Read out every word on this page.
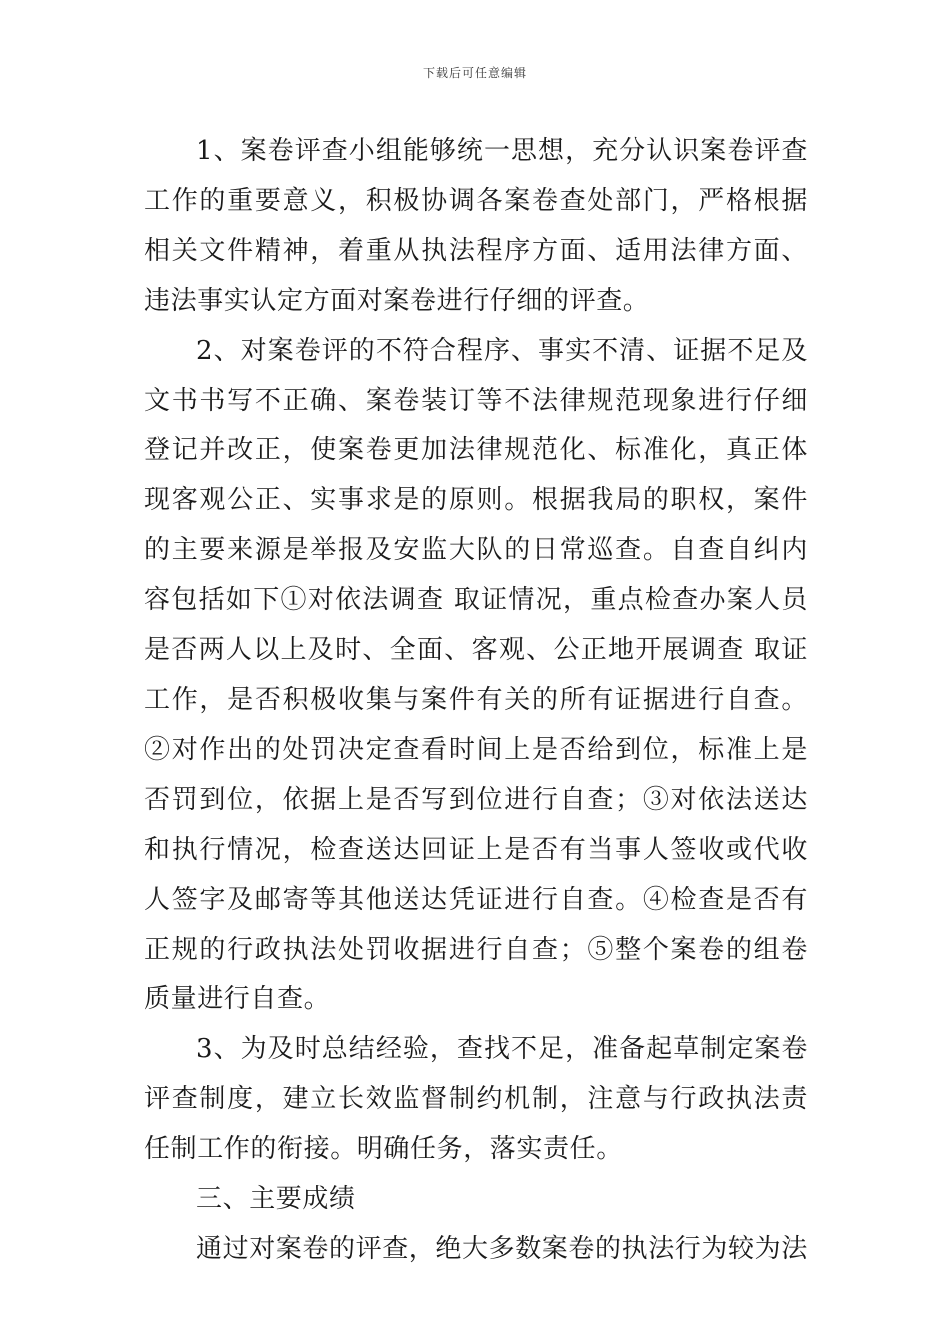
下载后可任意编辑

1、案卷评查小组能够统一思想，充分认识案卷评查工作的重要意义，积极协调各案卷查处部门，严格根据相关文件精神，着重从执法程序方面、适用法律方面、违法事实认定方面对案卷进行仔细的评查。

2、对案卷评的不符合程序、事实不清、证据不足及文书书写不正确、案卷装订等不法律规范现象进行仔细登记并改正，使案卷更加法律规范化、标准化，真正体现客观公正、实事求是的原则。根据我局的职权，案件的主要来源是举报及安监大队的日常巡查。自查自纠内容包括如下①对依法调查 取证情况，重点检查办案人员是否两人以上及时、全面、客观、公正地开展调查 取证工作，是否积极收集与案件有关的所有证据进行自查。②对作出的处罚决定查看时间上是否给到位，标准上是否罚到位，依据上是否写到位进行自查；③对依法送达和执行情况，检查送达回证上是否有当事人签收或代收人签字及邮寄等其他送达凭证进行自查。④检查是否有正规的行政执法处罚收据进行自查；⑤整个案卷的组卷质量进行自查。

3、为及时总结经验，查找不足，准备起草制定案卷评查制度，建立长效监督制约机制，注意与行政执法责任制工作的衔接。明确任务，落实责任。

三、主要成绩

通过对案卷的评查，绝大多数案卷的执法行为较为法
